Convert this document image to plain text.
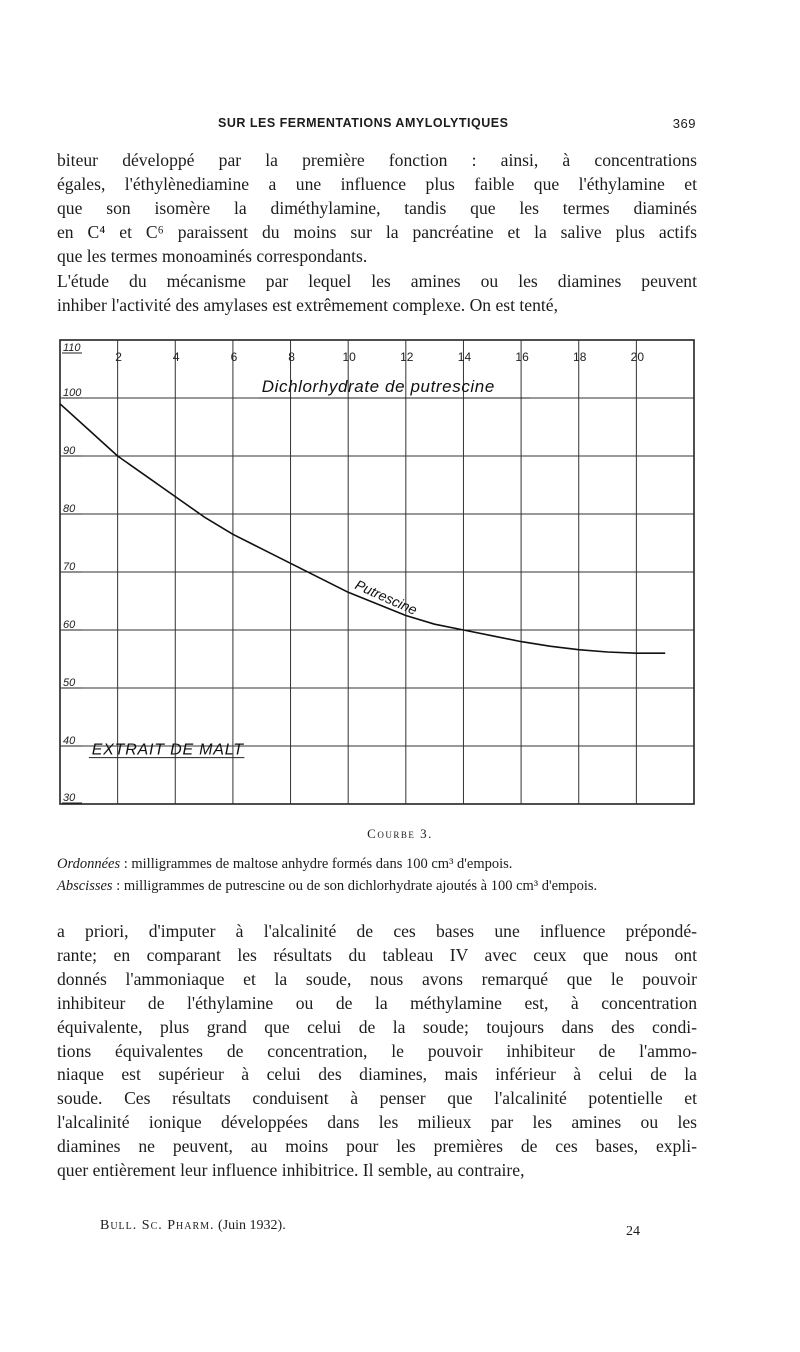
SUR LES FERMENTATIONS AMYLOLYTIQUES	369
biteur développé par la première fonction : ainsi, à concentrations
égales, l'éthylènediamine a une influence plus faible que l'éthylamine et
que son isomère la diméthylamine, tandis que les termes diaminés
en C⁴ et C⁶ paraissent du moins sur la pancréatine et la salive plus actifs
que les termes monoaminés correspondants.
L'étude du mécanisme par lequel les amines ou les diamines peuvent
inhiber l'activité des amylases est extrêmement complexe. On est tenté,
2	4	6	8	10	12	14	16	18	20
110
100
90
80
70
60
50
40
30
Dichlorhydrate de putrescine
EXTRAIT DE MALT
Putrescine
Courbe 3.
Ordonnées : milligrammes de maltose anhydre formés dans 100 cm³ d'empois.
Abscisses : milligrammes de putrescine ou de son dichlorhydrate ajoutés à 100 cm³ d'empois.
a priori, d'imputer à l'alcalinité de ces bases une influence prépondé-
rante; en comparant les résultats du tableau IV avec ceux que nous ont
donnés l'ammoniaque et la soude, nous avons remarqué que le pouvoir
inhibiteur de l'éthylamine ou de la méthylamine est, à concentration
équivalente, plus grand que celui de la soude; toujours dans des condi-
tions équivalentes de concentration, le pouvoir inhibiteur de l'ammo-
niaque est supérieur à celui des diamines, mais inférieur à celui de la
soude. Ces résultats conduisent à penser que l'alcalinité potentielle et
l'alcalinité ionique développées dans les milieux par les amines ou les
diamines ne peuvent, au moins pour les premières de ces bases, expli-
quer entièrement leur influence inhibitrice. Il semble, au contraire,
Bull. Sc. Pharm. (Juin 1932).	24
